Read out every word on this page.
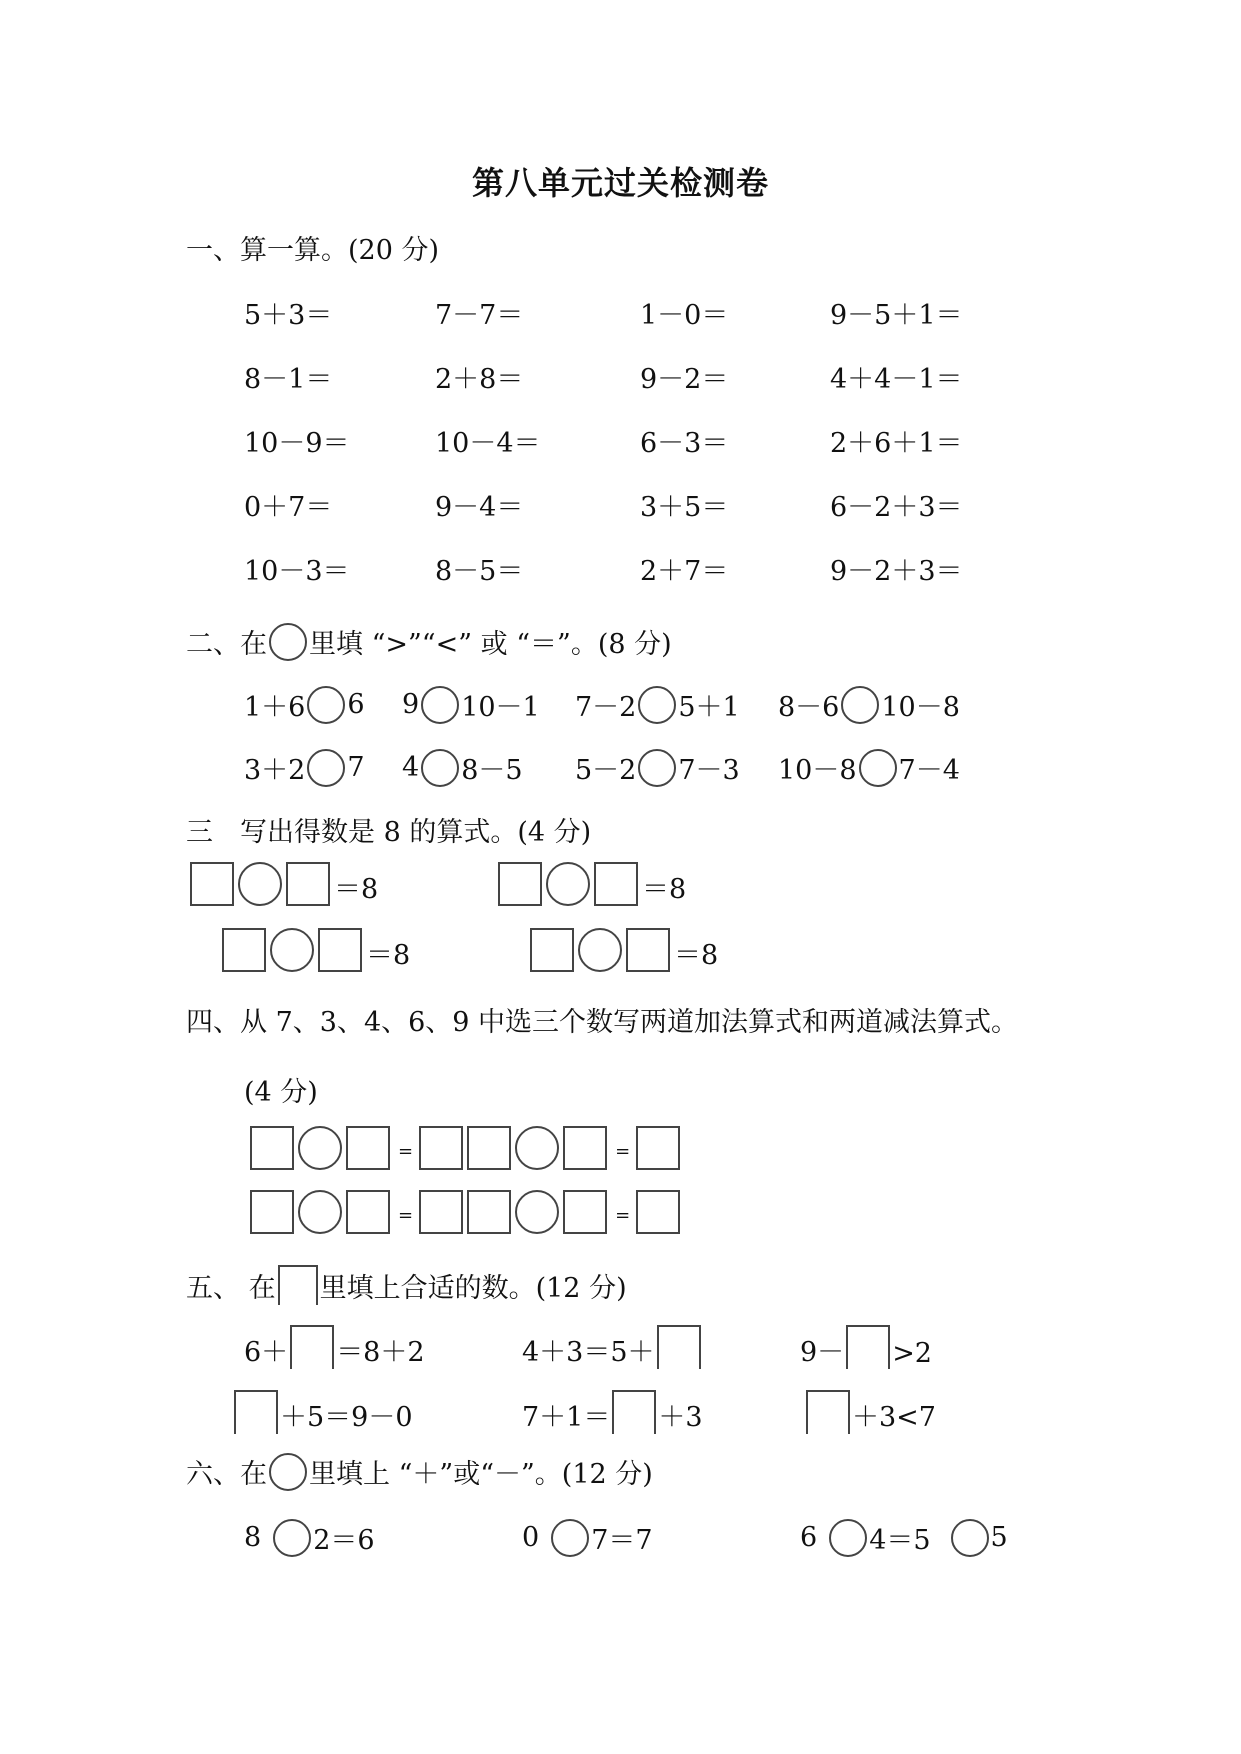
第八单元过关检测卷
一、算一算。(20 分)
5＋3＝	7－7＝	1－0＝	9－5＋1＝
8－1＝	2＋8＝	9－2＝	4＋4－1＝
10－9＝	10－4＝	6－3＝	2＋6＋1＝
0＋7＝	9－4＝	3＋5＝	6－2＋3＝
10－3＝	8－5＝	2＋7＝	9－2＋3＝
二、在 里填 “>”“<” 或 “＝”。(8 分)
1＋6 6 9 10－1 7－2 5＋1 8－6 10－8
3＋2 7 4 8－5 5－2 7－3 10－8 7－4
三　写出得数是 8 的算式。(4 分)
＝8	＝8
＝8	＝8
四、从 7、3、4、6、9 中选三个数写两道加法算式和两道减法算式。
(4 分)
=	=
=	=
五、 在 里填上合适的数。(12 分)
6＋ ＝8＋2	4＋3＝5＋	9－ >2
＋5＝9－0	7＋1＝ ＋3	＋3<7
六、在 里填上 “＋”或“－”。(12 分)
8 2＝6	0 7＝7	6 4＝5 5
